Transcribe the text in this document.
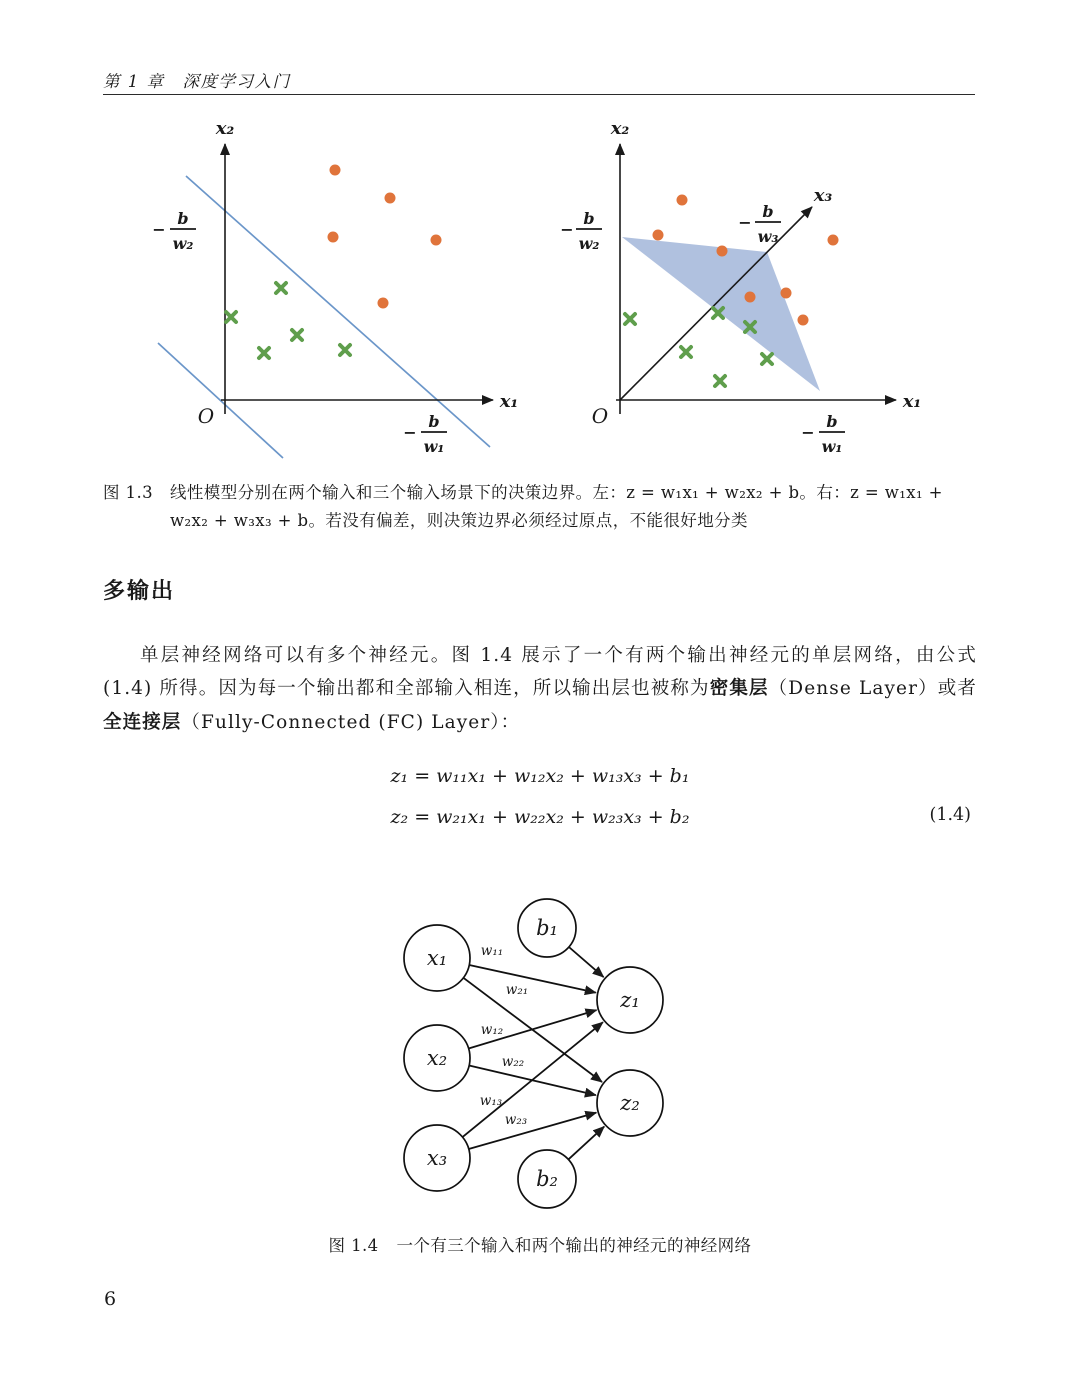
第 1 章　深度学习入门
x₂
x₁
O
−
b
w₂
−
b
w₁
x₂
x₁
x₃
O
−
b
w₂
−
b
w₃
−
b
w₁
图 1.3 线性模型分别在两个输入和三个输入场景下的决策边界。左：z = w₁x₁ + w₂x₂ + b。右：z = w₁x₁ + w₂x₂ + w₃x₃ + b。若没有偏差，则决策边界必须经过原点，不能很好地分类
多输出
单层神经网络可以有多个神经元。图 1.4 展示了一个有两个输出神经元的单层网络，由公式 (1.4) 所得。因为每一个输出都和全部输入相连，所以输出层也被称为密集层（Dense Layer）或者全连接层（Fully-Connected (FC) Layer）：
z₁ = w₁₁x₁ + w₁₂x₂ + w₁₃x₃ + b₁
z₂ = w₂₁x₁ + w₂₂x₂ + w₂₃x₃ + b₂	(1.4)
w₁₁
w₂₁
w₁₂
w₂₂
w₁₃
w₂₃
x₁
x₂
x₃
b₁
b₂
z₁
z₂
图 1.4 一个有三个输入和两个输出的神经元的神经网络
6
